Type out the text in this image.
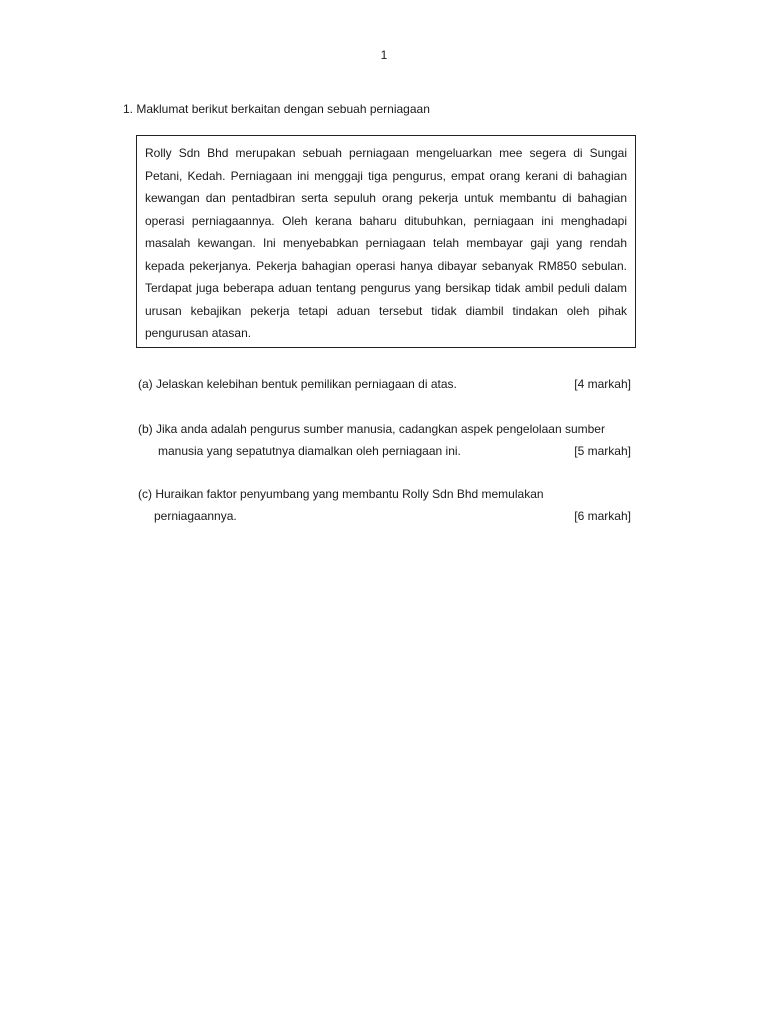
1
1. Maklumat berikut berkaitan dengan sebuah perniagaan
Rolly Sdn Bhd merupakan sebuah perniagaan mengeluarkan mee segera di Sungai
Petani, Kedah. Perniagaan ini menggaji tiga pengurus, empat orang kerani di bahagian
kewangan dan pentadbiran serta sepuluh orang pekerja untuk membantu di bahagian
operasi perniagaannya. Oleh kerana baharu ditubuhkan, perniagaan ini menghadapi
masalah kewangan. Ini menyebabkan perniagaan telah membayar gaji yang rendah
kepada pekerjanya. Pekerja bahagian operasi hanya dibayar sebanyak RM850 sebulan.
Terdapat juga beberapa aduan tentang pengurus yang bersikap tidak ambil peduli dalam
urusan kebajikan pekerja tetapi aduan tersebut tidak diambil tindakan oleh pihak
pengurusan atasan.
(a) Jelaskan kelebihan bentuk pemilikan perniagaan di atas.	[4 markah]
(b) Jika anda adalah pengurus sumber manusia, cadangkan aspek pengelolaan sumber
manusia yang sepatutnya diamalkan oleh perniagaan ini.	[5 markah]
(c) Huraikan faktor penyumbang yang membantu Rolly Sdn Bhd memulakan
perniagaannya.	[6 markah]
